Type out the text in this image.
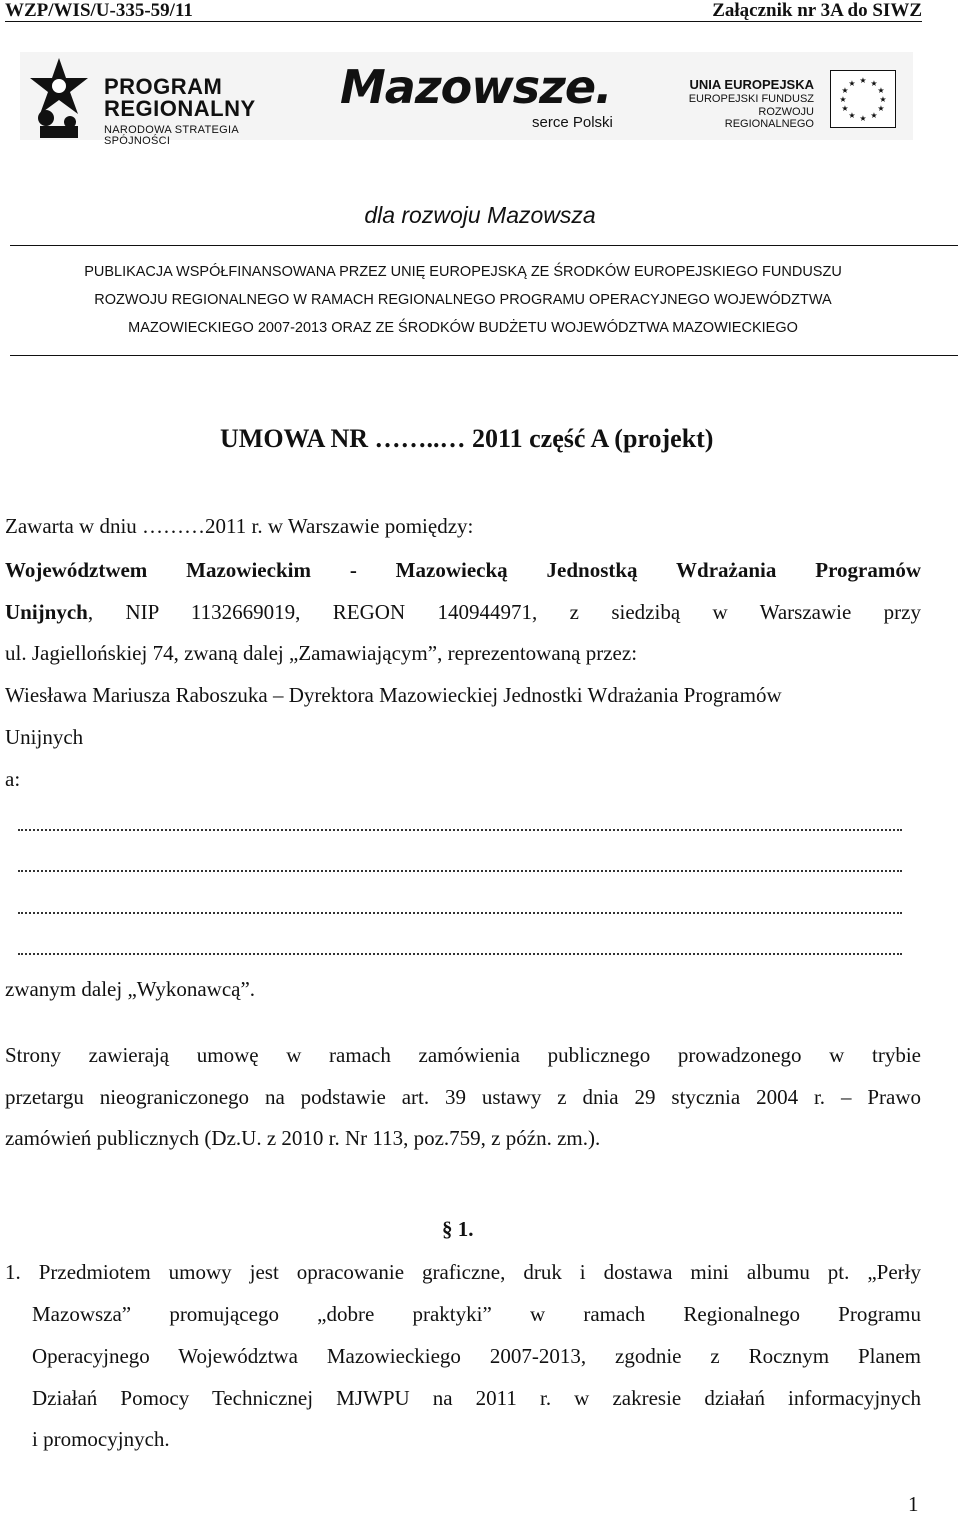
WZP/WIS/U-335-59/11	Załącznik nr 3A do SIWZ
PROGRAM
REGIONALNY
NARODOWA STRATEGIA SPÓJNOŚCI
Mazowsze.
serce Polski
UNIA EUROPEJSKA
EUROPEJSKI FUNDUSZ
ROZWOJU REGIONALNEGO
★ ★
★
★
★
★
★
★
★
★
★
★
dla rozwoju Mazowsza
PUBLIKACJA WSPÓŁFINANSOWANA PRZEZ UNIĘ EUROPEJSKĄ ZE ŚRODKÓW EUROPEJSKIEGO FUNDUSZU
ROZWOJU REGIONALNEGO W RAMACH REGIONALNEGO PROGRAMU OPERACYJNEGO WOJEWÓDZTWA
MAZOWIECKIEGO 2007-2013 ORAZ ZE ŚRODKÓW BUDŻETU WOJEWÓDZTWA MAZOWIECKIEGO
UMOWA NR ……..… 2011 część A (projekt)
Zawarta w dniu ………2011 r. w Warszawie pomiędzy:
Województwem Mazowieckim - Mazowiecką Jednostką Wdrażania Programów
Unijnych, NIP 1132669019, REGON 140944971, z siedzibą w Warszawie przy
ul. Jagiellońskiej 74, zwaną dalej „Zamawiającym”, reprezentowaną przez:
Wiesława Mariusza Raboszuka – Dyrektora Mazowieckiej Jednostki Wdrażania Programów
Unijnych
a:
zwanym dalej „Wykonawcą”.
Strony zawierają umowę w ramach zamówienia publicznego prowadzonego w trybie
przetargu nieograniczonego na podstawie art. 39 ustawy z dnia 29 stycznia 2004 r. – Prawo
zamówień publicznych (Dz.U. z 2010 r. Nr 113, poz.759, z późn. zm.).
§ 1.
1. Przedmiotem umowy jest opracowanie graficzne, druk i dostawa mini albumu pt. „Perły
Mazowsza” promującego „dobre praktyki” w ramach Regionalnego Programu
Operacyjnego Województwa Mazowieckiego 2007-2013, zgodnie z Rocznym Planem
Działań Pomocy Technicznej MJWPU na 2011 r. w zakresie działań informacyjnych
i promocyjnych.
1
